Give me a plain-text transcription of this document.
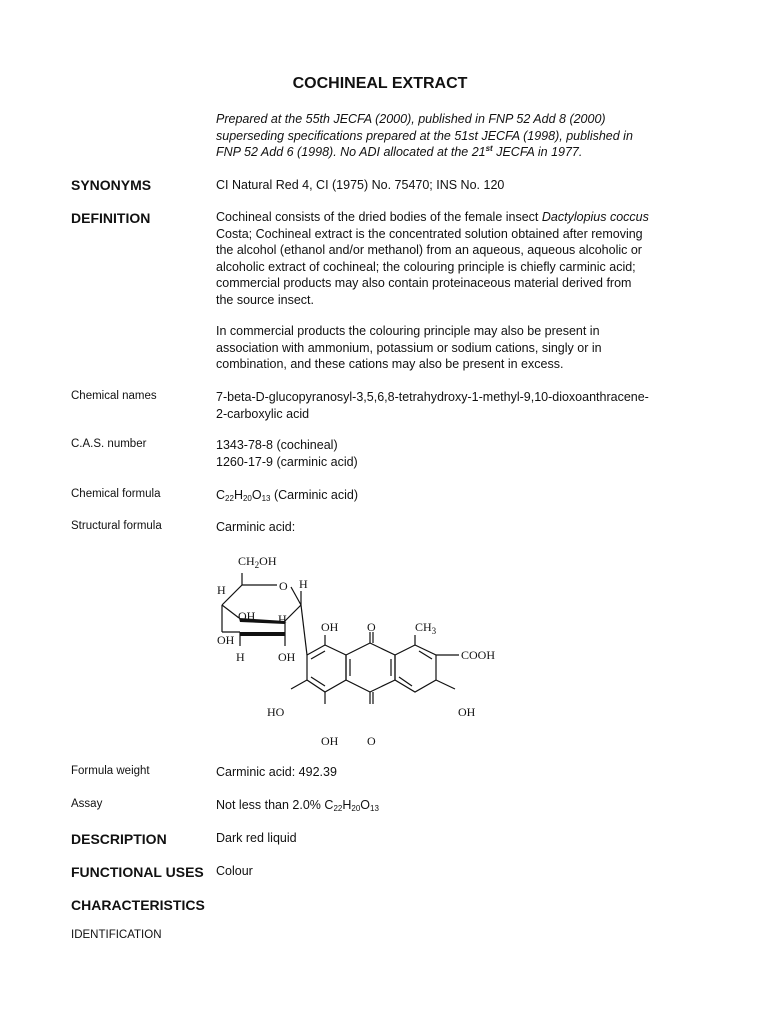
COCHINEAL EXTRACT
Prepared at the 55th JECFA (2000), published in FNP 52 Add 8 (2000)
superseding specifications prepared at the 51st JECFA (1998), published in
FNP 52 Add 6 (1998). No ADI allocated at the 21st JECFA in 1977.
SYNONYMS	CI Natural Red 4, CI (1975) No. 75470; INS No. 120
DEFINITION	Cochineal consists of the dried bodies of the female insect Dactylopius coccus
Costa; Cochineal extract is the concentrated solution obtained after removing
the alcohol (ethanol and/or methanol) from an aqueous, aqueous alcoholic or
alcoholic extract of cochineal; the colouring principle is chiefly carminic acid;
commercial products may also contain proteinaceous material derived from
the source insect.
In commercial products the colouring principle may also be present in
association with ammonium, potassium or sodium cations, singly or in
combination, and these cations may also be present in excess.
Chemical names	7-beta-D-glucopyranosyl-3,5,6,8-tetrahydroxy-1-methyl-9,10-dioxoanthracene-
2-carboxylic acid
C.A.S. number	1343-78-8 (cochineal)
1260-17-9 (carminic acid)
Chemical formula	$C_{22}H_{20}O_{13}$ (Carminic acid)
Structural formula	Carminic acid:
$CH_2OH$
H	O H
OH H
OH
H	OH
OH O	$CH_3$
COOH
HO	OH
OH O
Formula weight	Carminic acid: 492.39
Assay	Not less than 2.0% $C_{22}H_{20}O_{13}$
DESCRIPTION	Dark red liquid
FUNCTIONAL USES Colour
CHARACTERISTICS
IDENTIFICATION
